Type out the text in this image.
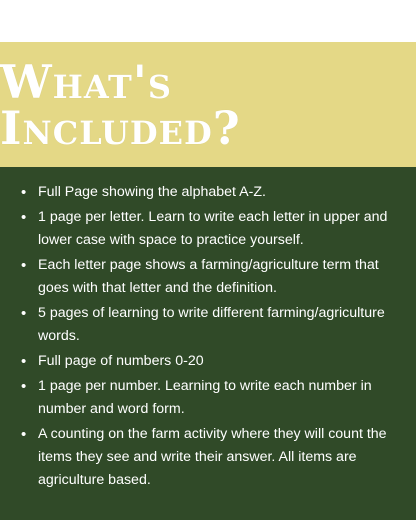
What's Included?
• Full Page showing the alphabet A-Z.
• 1 page per letter. Learn to write each letter in upper and lower case with space to practice yourself.
• Each letter page shows a farming/agriculture term that goes with that letter and the definition.
• 5 pages of learning to write different farming/agriculture words.
• Full page of numbers 0-20
• 1 page per number. Learning to write each number in number and word form.
• A counting on the farm activity where they will count the items they see and write their answer. All items are agriculture based.
